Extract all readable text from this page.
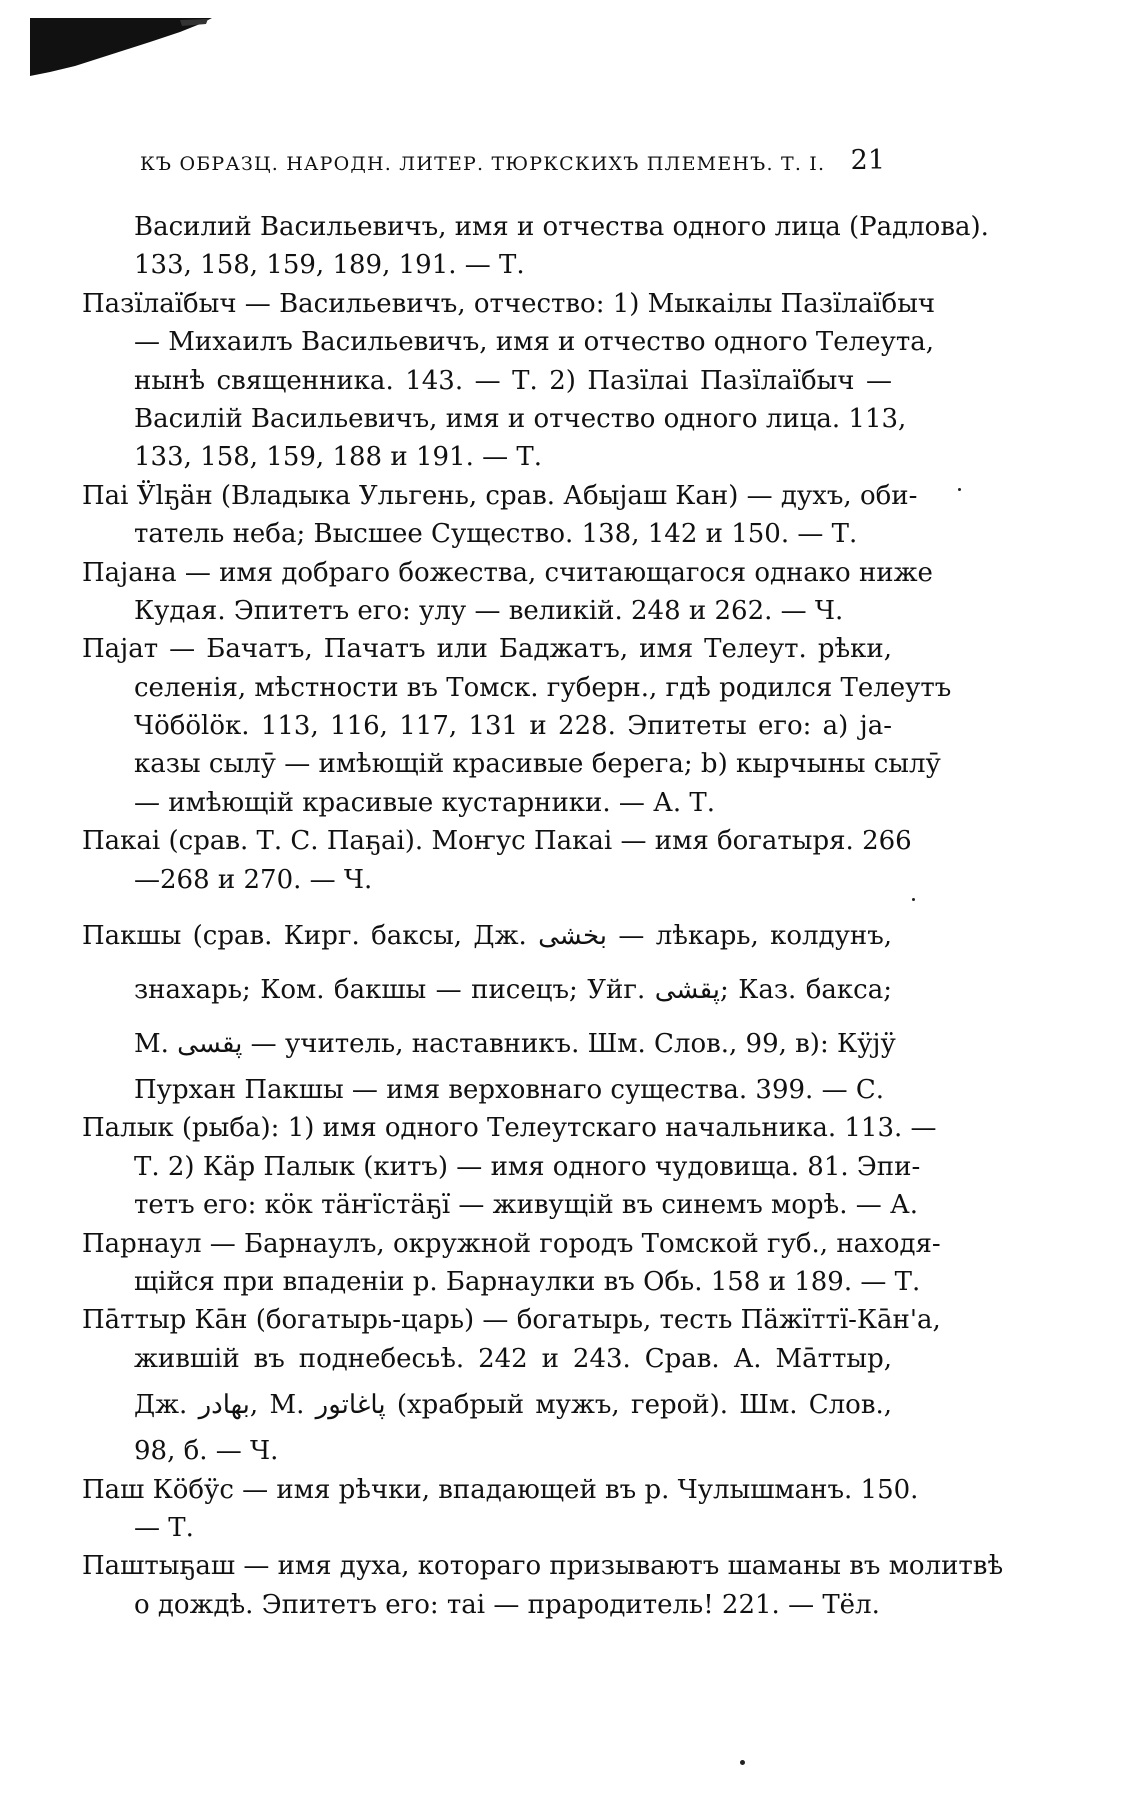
КЪ ОБРАЗЦ. НАРОДН. ЛИТЕР. ТЮРКСКИХЪ ПЛЕМЕНЪ. Т. I. 21
Василий Васильевичъ, имя и отчества одного лица (Радлова).
133, 158, 159, 189, 191. — Т.
Пазïлаïбыч — Васильевичъ, отчество: 1) Мыкаiлы Пазïлаïбыч
— Михаилъ Васильевичъ, имя и отчество одного Телеута,
нынѣ священника. 143. — Т. 2) Пазïлаi Пазïлаïбыч —
Василiй Васильевичъ, имя и отчество одного лица. 113,
133, 158, 159, 188 и 191. — Т.
Паi Ӱlҕӓн (Владыка Ульгень, срав. Абыјаш Кан) — духъ, оби-
татель неба; Высшее Существо. 138, 142 и 150. — Т.
Пајана — имя добраго божества, считающагося однако ниже
Кудая. Эпитетъ его: улу — великiй. 248 и 262. — Ч.
Пајат — Бачатъ, Пачатъ или Баджатъ, имя Телеут. рѣки,
селенiя, мѣстности въ Томск. губерн., гдѣ родился Телеутъ
Чӧбӧlӧк. 113, 116, 117, 131 и 228. Эпитеты его: a) ја-
казы сылӯ — имѣющiй красивые берега; b) кырчыны сылӯ
— имѣющiй красивые кустарники. — А. Т.
Пакаi (срав. Т. С. Паҕаi). Моҥус Пакаi — имя богатыря. 266
—268 и 270. — Ч.
Пакшы (срав. Кирг. баксы, Дж. بخشى — лѣкарь, колдунъ,
знахарь; Ком. бакшы — писецъ; Уйг. ﭘﻘﺸﻰ; Каз. бакса;
М. ﭘﻘﺴﻰ — учитель, наставникъ. Шм. Слов., 99, в): Кӱјӱ
Пурхан Пакшы — имя верховнаго существа. 399. — С.
Палык (рыба): 1) имя одного Телеутскаго начальника. 113. —
Т. 2) Кӓр Палык (китъ) — имя одного чудовища. 81. Эпи-
тетъ его: кӧк тӓҥïстӓҕï — живущiй въ синемъ морѣ. — А.
Парнаул — Барнаулъ, окружной городъ Томской губ., находя-
щiйся при впаденiи р. Барнаулки въ Обь. 158 и 189. — Т.
Пāттыр Кāн (богатырь-царь) — богатырь, тесть Пӓжïттï-Кāн'а,
жившiй въ поднебесьѣ. 242 и 243. Срав. А. Мāттыр,
Дж. بهادر, М. ﭘﺎﻏﺎﺗﻮﺭ (храбрый мужъ, герой). Шм. Слов.,
98, б. — Ч.
Паш Кӧбӱс — имя рѣчки, впадающей въ р. Чулышманъ. 150.
— Т.
Паштыҕаш — имя духа, котораго призываютъ шаманы въ молитвѣ
о дождѣ. Эпитетъ его: таi — прародитель! 221. — Тёл.
